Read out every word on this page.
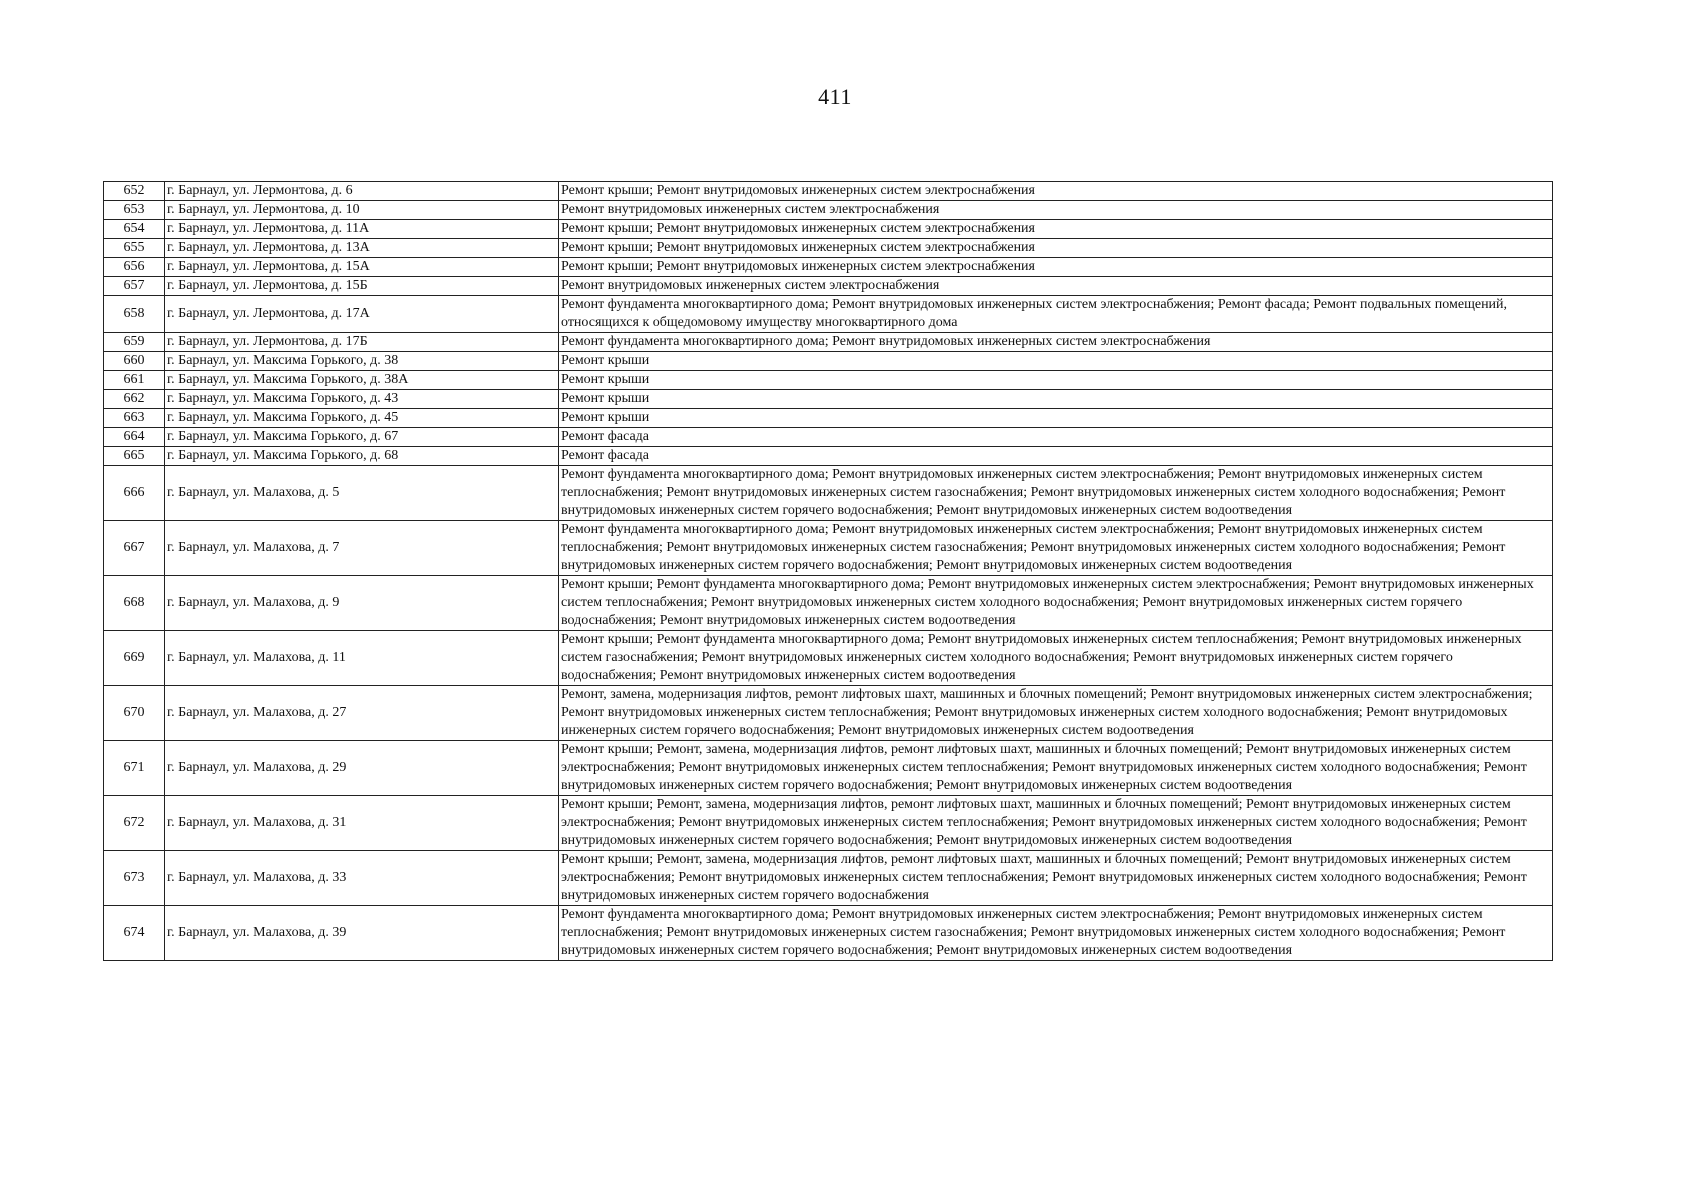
411
652	г. Барнаул, ул. Лермонтова, д. 6	Ремонт крыши; Ремонт внутридомовых инженерных систем электроснабжения
653	г. Барнаул, ул. Лермонтова, д. 10	Ремонт внутридомовых инженерных систем электроснабжения
654	г. Барнаул, ул. Лермонтова, д. 11А	Ремонт крыши; Ремонт внутридомовых инженерных систем электроснабжения
655	г. Барнаул, ул. Лермонтова, д. 13А	Ремонт крыши; Ремонт внутридомовых инженерных систем электроснабжения
656	г. Барнаул, ул. Лермонтова, д. 15А	Ремонт крыши; Ремонт внутридомовых инженерных систем электроснабжения
657	г. Барнаул, ул. Лермонтова, д. 15Б	Ремонт внутридомовых инженерных систем электроснабжения
658	г. Барнаул, ул. Лермонтова, д. 17А	Ремонт фундамента многоквартирного дома; Ремонт внутридомовых инженерных систем электроснабжения; Ремонт фасада; Ремонт подвальных помещений, относящихся к общедомовому имуществу многоквартирного дома
659	г. Барнаул, ул. Лермонтова, д. 17Б	Ремонт фундамента многоквартирного дома; Ремонт внутридомовых инженерных систем электроснабжения
660	г. Барнаул, ул. Максима Горького, д. 38	Ремонт крыши
661	г. Барнаул, ул. Максима Горького, д. 38А	Ремонт крыши
662	г. Барнаул, ул. Максима Горького, д. 43	Ремонт крыши
663	г. Барнаул, ул. Максима Горького, д. 45	Ремонт крыши
664	г. Барнаул, ул. Максима Горького, д. 67	Ремонт фасада
665	г. Барнаул, ул. Максима Горького, д. 68	Ремонт фасада
666	г. Барнаул, ул. Малахова, д. 5	Ремонт фундамента многоквартирного дома; Ремонт внутридомовых инженерных систем электроснабжения; Ремонт внутридомовых инженерных систем теплоснабжения; Ремонт внутридомовых инженерных систем газоснабжения; Ремонт внутридомовых инженерных систем холодного водоснабжения; Ремонт внутридомовых инженерных систем горячего водоснабжения; Ремонт внутридомовых инженерных систем водоотведения
667	г. Барнаул, ул. Малахова, д. 7	Ремонт фундамента многоквартирного дома; Ремонт внутридомовых инженерных систем электроснабжения; Ремонт внутридомовых инженерных систем теплоснабжения; Ремонт внутридомовых инженерных систем газоснабжения; Ремонт внутридомовых инженерных систем холодного водоснабжения; Ремонт внутридомовых инженерных систем горячего водоснабжения; Ремонт внутридомовых инженерных систем водоотведения
668	г. Барнаул, ул. Малахова, д. 9	Ремонт крыши; Ремонт фундамента многоквартирного дома; Ремонт внутридомовых инженерных систем электроснабжения; Ремонт внутридомовых инженерных систем теплоснабжения; Ремонт внутридомовых инженерных систем холодного водоснабжения; Ремонт внутридомовых инженерных систем горячего водоснабжения; Ремонт внутридомовых инженерных систем водоотведения
669	г. Барнаул, ул. Малахова, д. 11	Ремонт крыши; Ремонт фундамента многоквартирного дома; Ремонт внутридомовых инженерных систем теплоснабжения; Ремонт внутридомовых инженерных систем газоснабжения; Ремонт внутридомовых инженерных систем холодного водоснабжения; Ремонт внутридомовых инженерных систем горячего водоснабжения; Ремонт внутридомовых инженерных систем водоотведения
670	г. Барнаул, ул. Малахова, д. 27	Ремонт, замена, модернизация лифтов, ремонт лифтовых шахт, машинных и блочных помещений; Ремонт внутридомовых инженерных систем электроснабжения; Ремонт внутридомовых инженерных систем теплоснабжения; Ремонт внутридомовых инженерных систем холодного водоснабжения; Ремонт внутридомовых инженерных систем горячего водоснабжения; Ремонт внутридомовых инженерных систем водоотведения
671	г. Барнаул, ул. Малахова, д. 29	Ремонт крыши; Ремонт, замена, модернизация лифтов, ремонт лифтовых шахт, машинных и блочных помещений; Ремонт внутридомовых инженерных систем электроснабжения; Ремонт внутридомовых инженерных систем теплоснабжения; Ремонт внутридомовых инженерных систем холодного водоснабжения; Ремонт внутридомовых инженерных систем горячего водоснабжения; Ремонт внутридомовых инженерных систем водоотведения
672	г. Барнаул, ул. Малахова, д. 31	Ремонт крыши; Ремонт, замена, модернизация лифтов, ремонт лифтовых шахт, машинных и блочных помещений; Ремонт внутридомовых инженерных систем электроснабжения; Ремонт внутридомовых инженерных систем теплоснабжения; Ремонт внутридомовых инженерных систем холодного водоснабжения; Ремонт внутридомовых инженерных систем горячего водоснабжения; Ремонт внутридомовых инженерных систем водоотведения
673	г. Барнаул, ул. Малахова, д. 33	Ремонт крыши; Ремонт, замена, модернизация лифтов, ремонт лифтовых шахт, машинных и блочных помещений; Ремонт внутридомовых инженерных систем электроснабжения; Ремонт внутридомовых инженерных систем теплоснабжения; Ремонт внутридомовых инженерных систем холодного водоснабжения; Ремонт внутридомовых инженерных систем горячего водоснабжения
674	г. Барнаул, ул. Малахова, д. 39	Ремонт фундамента многоквартирного дома; Ремонт внутридомовых инженерных систем электроснабжения; Ремонт внутридомовых инженерных систем теплоснабжения; Ремонт внутридомовых инженерных систем газоснабжения; Ремонт внутридомовых инженерных систем холодного водоснабжения; Ремонт внутридомовых инженерных систем горячего водоснабжения; Ремонт внутридомовых инженерных систем водоотведения
